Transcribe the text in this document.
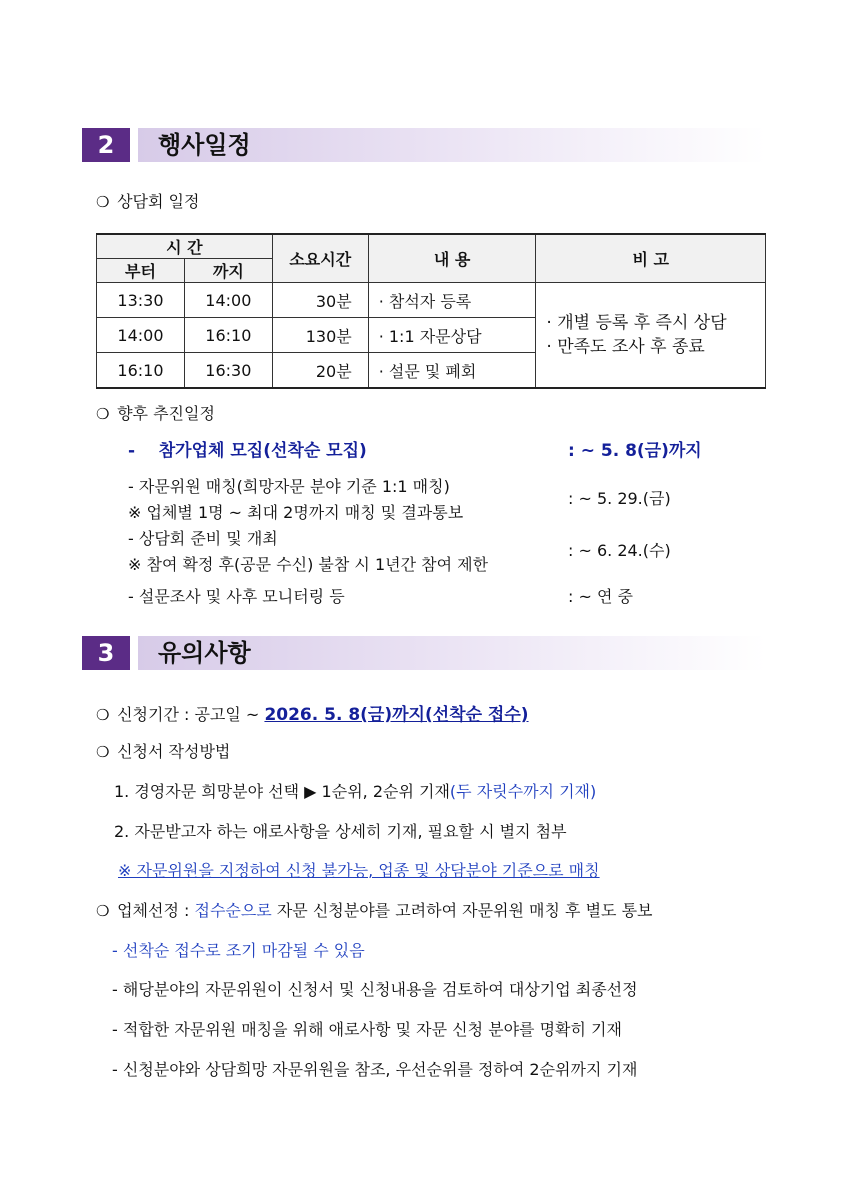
2	행사일정
❍ 상담회 일정
시 간		소요시간	내 용	비 고
부터	까지			
13:30	14:00	30분	· 참석자 등록	· 개별 등록 후 즉시 상담
· 만족도 조사 후 종료

14:00	16:10	130분	· 1:1 자문상담	
16:10	16:30	20분	· 설문 및 폐회	
❍ 향후 추진일정
- 참가업체 모집(선착순 모집)	: ~ 5. 8(금)까지
- 자문위원 매칭(희망자문 분야 기준 1:1 매칭)
※ 업체별 1명 ~ 최대 2명까지 매칭 및 결과통보
: ~ 5. 29.(금)
- 상담회 준비 및 개최
※ 참여 확정 후(공문 수신) 불참 시 1년간 참여 제한
: ~ 6. 24.(수)
- 설문조사 및 사후 모니터링 등	: ~ 연 중
3	유의사항
❍ 신청기간 : 공고일 ~ 2026. 5. 8(금)까지(선착순 접수)
❍ 신청서 작성방법
1. 경영자문 희망분야 선택 ▶ 1순위, 2순위 기재(두 자릿수까지 기재)
2. 자문받고자 하는 애로사항을 상세히 기재, 필요할 시 별지 첨부
※ 자문위원을 지정하여 신청 불가능, 업종 및 상담분야 기준으로 매칭
❍ 업체선정 : 접수순으로 자문 신청분야를 고려하여 자문위원 매칭 후 별도 통보
- 선착순 접수로 조기 마감될 수 있음
- 해당분야의 자문위원이 신청서 및 신청내용을 검토하여 대상기업 최종선정
- 적합한 자문위원 매칭을 위해 애로사항 및 자문 신청 분야를 명확히 기재
- 신청분야와 상담희망 자문위원을 참조, 우선순위를 정하여 2순위까지 기재
